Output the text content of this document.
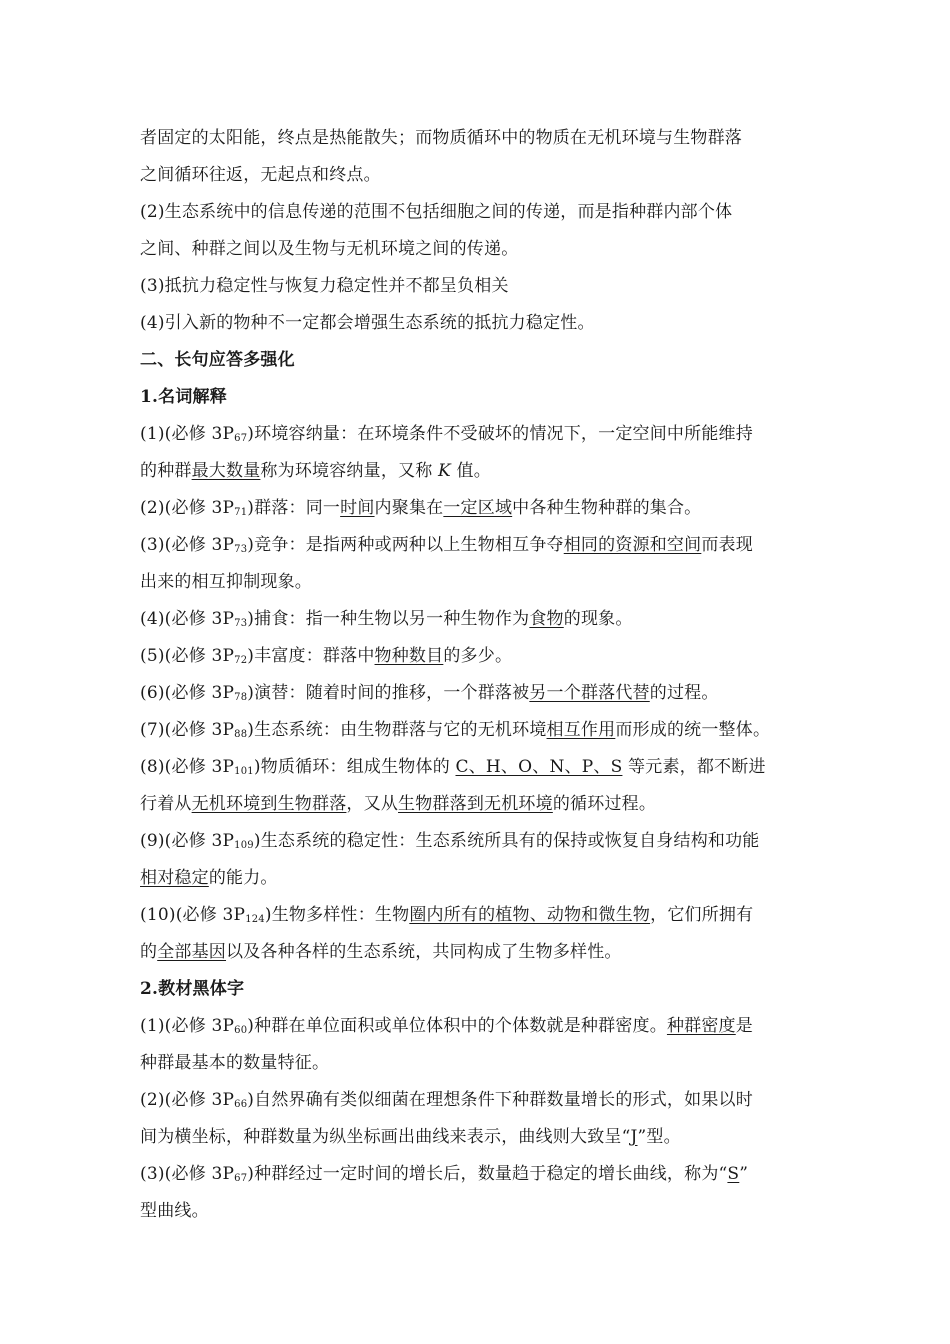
者固定的太阳能，终点是热能散失；而物质循环中的物质在无机环境与生物群落
之间循环往返，无起点和终点。
(2)生态系统中的信息传递的范围不包括细胞之间的传递，而是指种群内部个体
之间、种群之间以及生物与无机环境之间的传递。
(3)抵抗力稳定性与恢复力稳定性并不都呈负相关
(4)引入新的物种不一定都会增强生态系统的抵抗力稳定性。
二、长句应答多强化
1.名词解释
(1)(必修 $3P_{67}$)环境容纳量：在环境条件不受破坏的情况下，一定空间中所能维持
的种群最大数量称为环境容纳量，又称 K 值。
(2)(必修 $3P_{71}$)群落：同一时间内聚集在一定区域中各种生物种群的集合。
(3)(必修 $3P_{73}$)竞争：是指两种或两种以上生物相互争夺相同的资源和空间而表现
出来的相互抑制现象。
(4)(必修 $3P_{73}$)捕食：指一种生物以另一种生物作为食物的现象。
(5)(必修 $3P_{72}$)丰富度：群落中物种数目的多少。
(6)(必修 $3P_{78}$)演替：随着时间的推移，一个群落被另一个群落代替的过程。
(7)(必修 $3P_{88}$)生态系统：由生物群落与它的无机环境相互作用而形成的统一整体。
(8)(必修 $3P_{101}$)物质循环：组成生物体的 C、H、O、N、P、S 等元素，都不断进
行着从无机环境到生物群落，又从生物群落到无机环境的循环过程。
(9)(必修 $3P_{109}$)生态系统的稳定性：生态系统所具有的保持或恢复自身结构和功能
相对稳定的能力。
(10)(必修 $3P_{124}$)生物多样性：生物圈内所有的植物、动物和微生物，它们所拥有
的全部基因以及各种各样的生态系统，共同构成了生物多样性。
2.教材黑体字
(1)(必修 $3P_{60}$)种群在单位面积或单位体积中的个体数就是种群密度。种群密度是
种群最基本的数量特征。
(2)(必修 $3P_{66}$)自然界确有类似细菌在理想条件下种群数量增长的形式，如果以时
间为横坐标，种群数量为纵坐标画出曲线来表示，曲线则大致呈“J”型。
(3)(必修 $3P_{67}$)种群经过一定时间的增长后，数量趋于稳定的增长曲线，称为“S”
型曲线。
